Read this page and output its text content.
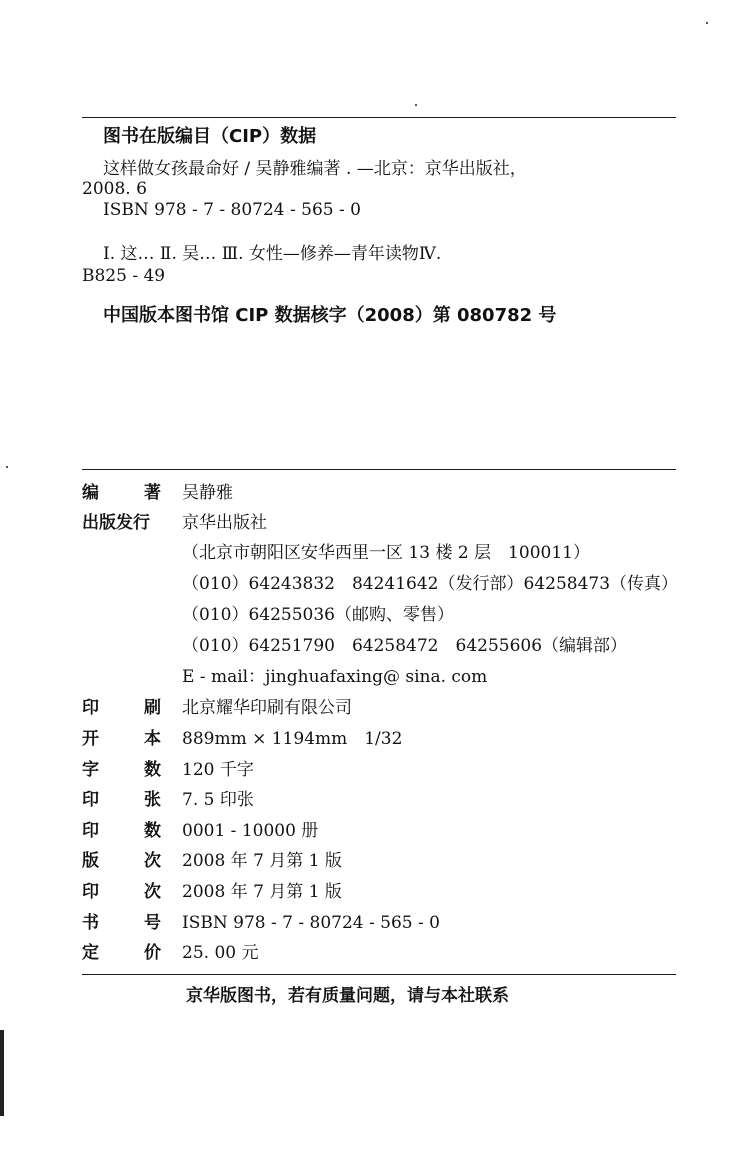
图书在版编目（CIP）数据
这样做女孩最命好 / 吴静雅编著 . —北京：京华出版社，
2008. 6
ISBN 978 - 7 - 80724 - 565 - 0
Ⅰ. 这… Ⅱ. 吴… Ⅲ. 女性—修养—青年读物Ⅳ.
B825 - 49
中国版本图书馆 CIP 数据核字（2008）第 080782 号
编	著 吴静雅
出版发行 京华出版社
（北京市朝阳区安华西里一区 13 楼 2 层　100011）
（010）64243832　84241642（发行部）64258473（传真）
（010）64255036（邮购、零售）
（010）64251790　64258472　64255606（编辑部）
E - mail：jinghuafaxing@ sina. com
印	刷 北京耀华印刷有限公司
开	本 889mm × 1194mm　1/32
字	数 120 千字
印	张 7. 5 印张
印	数 0001 - 10000 册
版	次 2008 年 7 月第 1 版
印	次 2008 年 7 月第 1 版
书	号 ISBN 978 - 7 - 80724 - 565 - 0
定	价 25. 00 元
京华版图书，若有质量问题，请与本社联系
